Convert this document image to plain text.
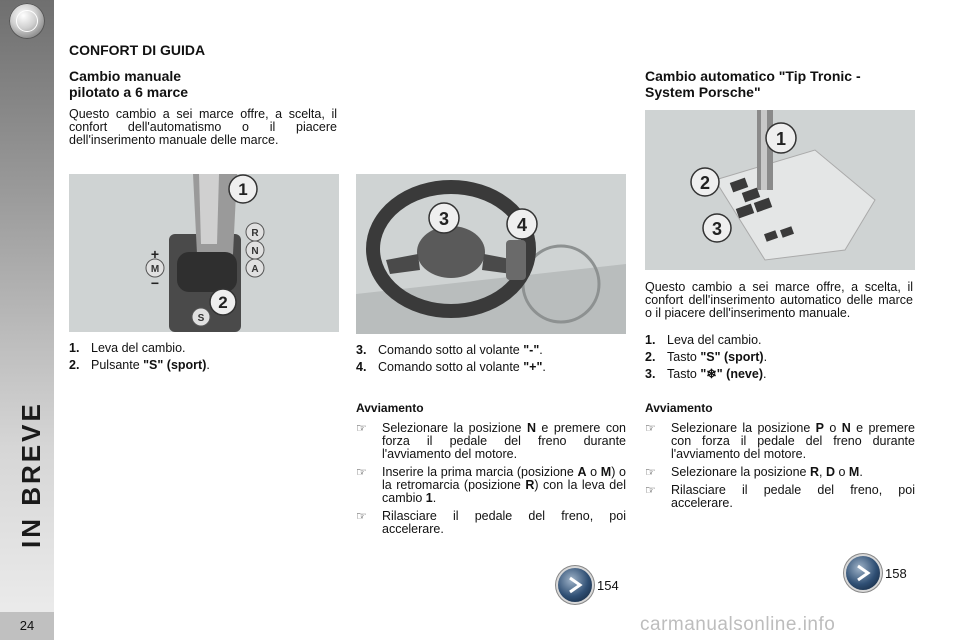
IN BREVE
24
CONFORT DI GUIDA
Cambio manuale
pilotato a 6 marce
Questo cambio a sei marce offre, a scelta, il confort dell'automatismo o il piacere dell'inserimento manuale delle marce.
1
2
R
N
A
M
S
+
−
1. Leva del cambio.
2. Pulsante "S" (sport).
3	4
3. Comando sotto al volante "-".
4. Comando sotto al volante "+".
Avviamento
☞	Selezionare la posizione N e premere con forza il pedale del freno durante l'avviamento del motore.
☞	Inserire la prima marcia (posizione A o M) o la retromarcia (posizione R) con la leva del cambio 1.
☞	Rilasciare il pedale del freno, poi accelerare.
154
Cambio automatico "Tip Tronic -
System Porsche"
1
2
3
Questo cambio a sei marce offre, a scelta, il confort dell'inserimento automatico delle marce o il piacere dell'inserimento manuale.
1. Leva del cambio.
2. Tasto "S" (sport).
3. Tasto "❄" (neve).
Avviamento
☞	Selezionare la posizione P o N e premere con forza il pedale del freno durante l'avviamento del motore.
☞	Selezionare la posizione R, D o M.
☞	Rilasciare il pedale del freno, poi accelerare.
158
carmanualsonline.info
